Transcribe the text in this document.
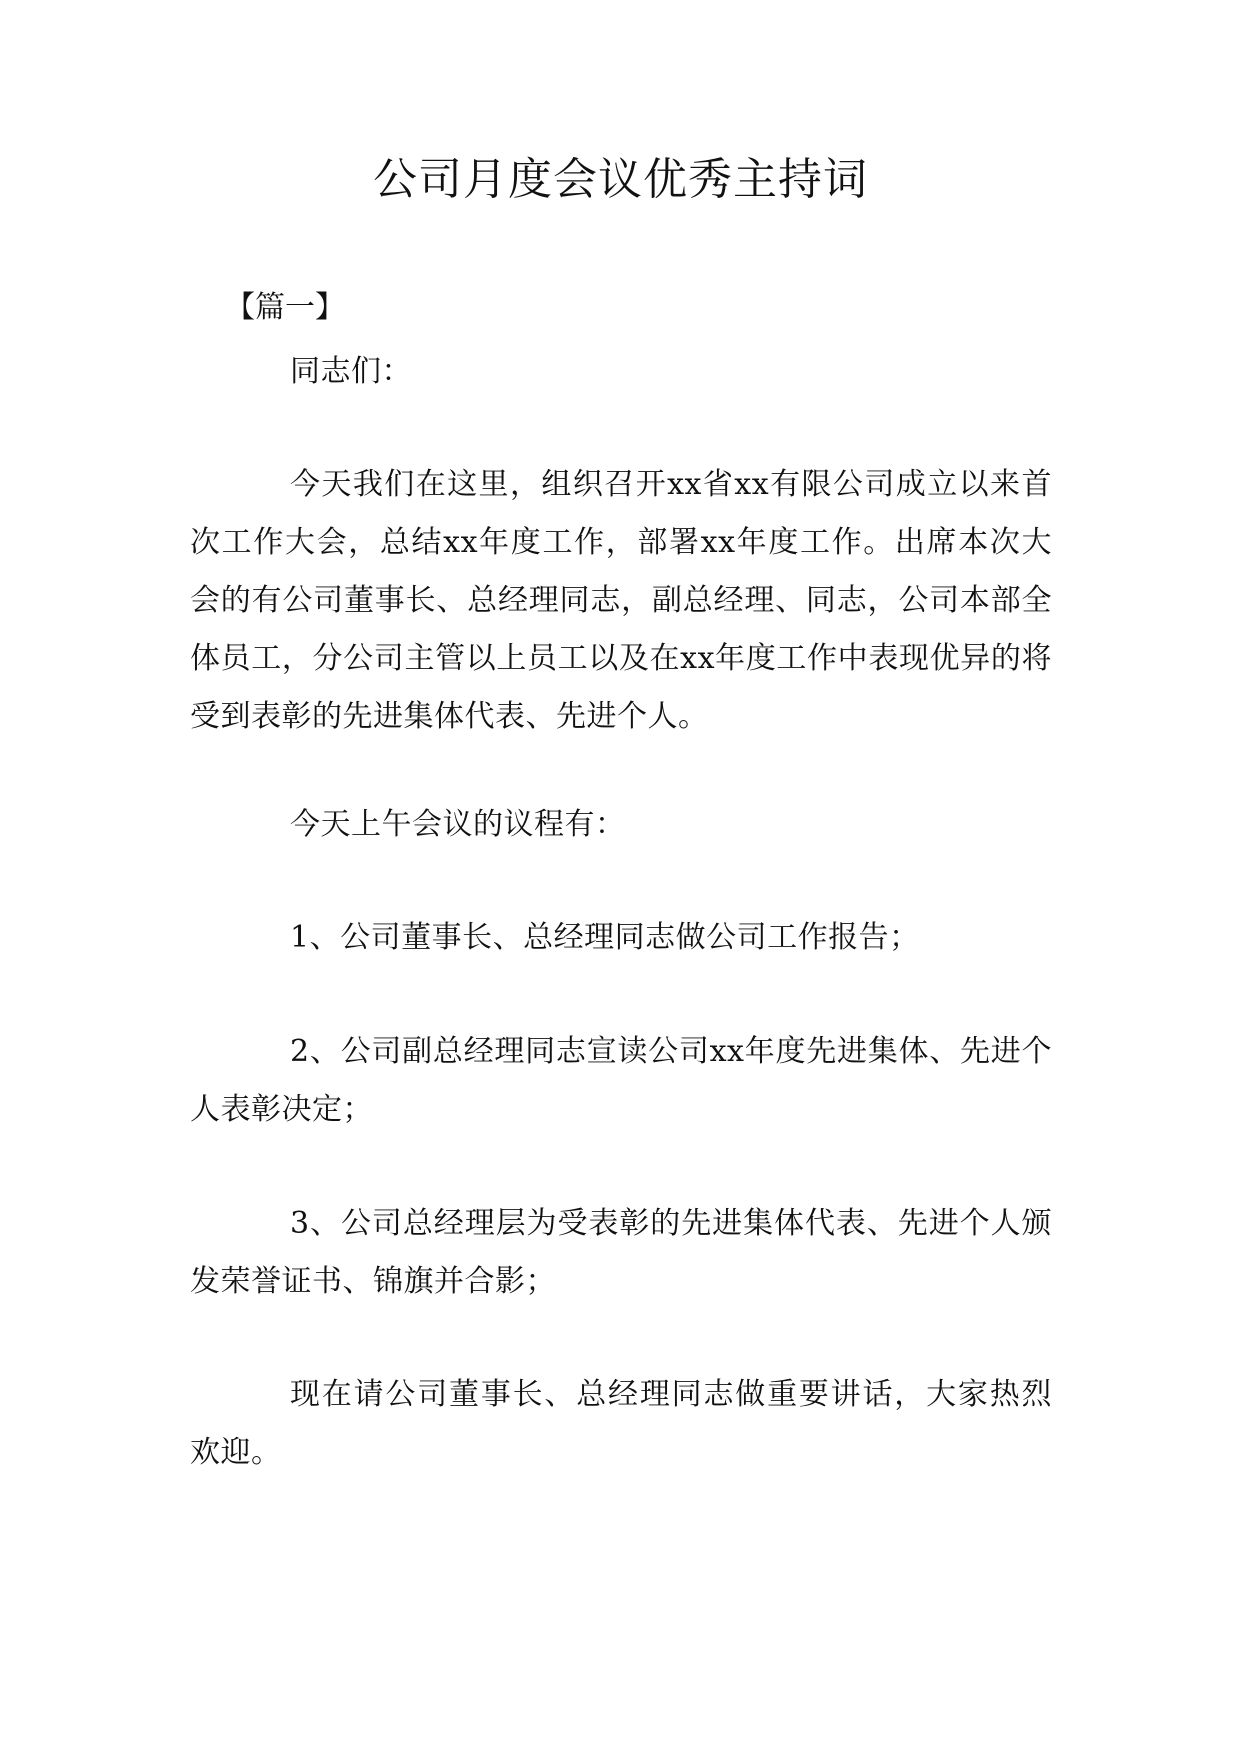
公司月度会议优秀主持词

【篇一】

同志们：

今天我们在这里，组织召开xx省xx有限公司成立以来首次工作大会，总结xx年度工作，部署xx年度工作。出席本次大会的有公司董事长、总经理同志，副总经理、同志，公司本部全体员工，分公司主管以上员工以及在xx年度工作中表现优异的将受到表彰的先进集体代表、先进个人。

今天上午会议的议程有：

1、公司董事长、总经理同志做公司工作报告；

2、公司副总经理同志宣读公司xx年度先进集体、先进个人表彰决定；

3、公司总经理层为受表彰的先进集体代表、先进个人颁发荣誉证书、锦旗并合影；

现在请公司董事长、总经理同志做重要讲话，大家热烈欢迎。
